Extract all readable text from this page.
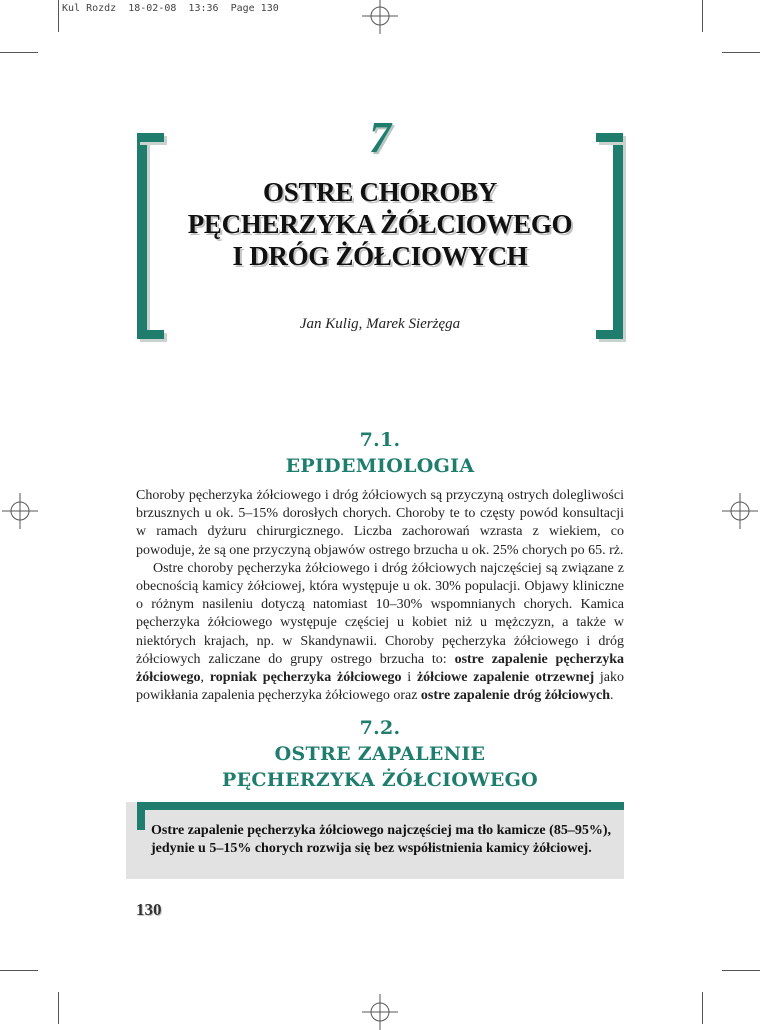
Kul Rozdz  18-02-08  13:36  Page 130
7
OSTRE CHOROBY
PĘCHERZYKA ŻÓŁCIOWEGO
I DRÓG ŻÓŁCIOWYCH
Jan Kulig, Marek Sierżęga
7.1.
EPIDEMIOLOGIA

Choroby pęcherzyka żółciowego i dróg żółciowych są przyczyną ostrych dolegliwości brzusznych u ok. 5–15% dorosłych chorych. Choroby te to częsty powód konsultacji w ramach dyżuru chirurgicznego. Liczba zachorowań wzrasta z wiekiem, co powoduje, że są one przyczyną objawów ostrego brzucha u ok. 25% chorych po 65. rż.

Ostre choroby pęcherzyka żółciowego i dróg żółciowych najczęściej są związane z obecnością kamicy żółciowej, która występuje u ok. 30% populacji. Objawy kliniczne o różnym nasileniu dotyczą natomiast 10–30% wspomnianych chorych. Kamica pęcherzyka żółciowego występuje częściej u kobiet niż u mężczyzn, a także w niektórych krajach, np. w Skandynawii. Choroby pęcherzyka żółciowego i dróg żółciowych zaliczane do grupy ostrego brzucha to: ostre zapalenie pęcherzyka żółciowego, ropniak pęcherzyka żółciowego i żółciowe zapalenie otrzewnej jako powikłania zapalenia pęcherzyka żółciowego oraz ostre zapalenie dróg żółciowych.

7.2.
OSTRE ZAPALENIE
PĘCHERZYKA ŻÓŁCIOWEGO
Ostre zapalenie pęcherzyka żółciowego najczęściej ma tło kamicze (85–95%), jedynie u 5–15% chorych rozwija się bez współistnienia kamicy żółciowej.
130
